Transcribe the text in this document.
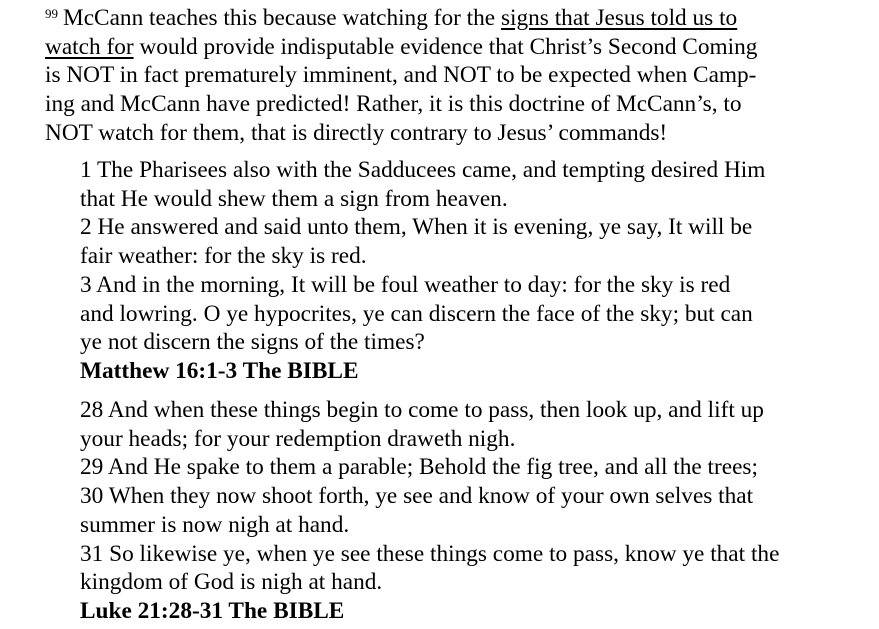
$^{99}$ McCann teaches this because watching for the signs that Jesus told us to
watch for would provide indisputable evidence that Christ’s Second Coming
is NOT in fact prematurely imminent, and NOT to be expected when Camp-
ing and McCann have predicted! Rather, it is this doctrine of McCann’s, to
NOT watch for them, that is directly contrary to Jesus’ commands!
1 The Pharisees also with the Sadducees came, and tempting desired Him
that He would shew them a sign from heaven.
2 He answered and said unto them, When it is evening, ye say, It will be
fair weather: for the sky is red.
3 And in the morning, It will be foul weather to day: for the sky is red
and lowring. O ye hypocrites, ye can discern the face of the sky; but can
ye not discern the signs of the times?
Matthew 16:1-3 The BIBLE
28 And when these things begin to come to pass, then look up, and lift up
your heads; for your redemption draweth nigh.
29 And He spake to them a parable; Behold the fig tree, and all the trees;
30 When they now shoot forth, ye see and know of your own selves that
summer is now nigh at hand.
31 So likewise ye, when ye see these things come to pass, know ye that the
kingdom of God is nigh at hand.
Luke 21:28-31 The BIBLE
